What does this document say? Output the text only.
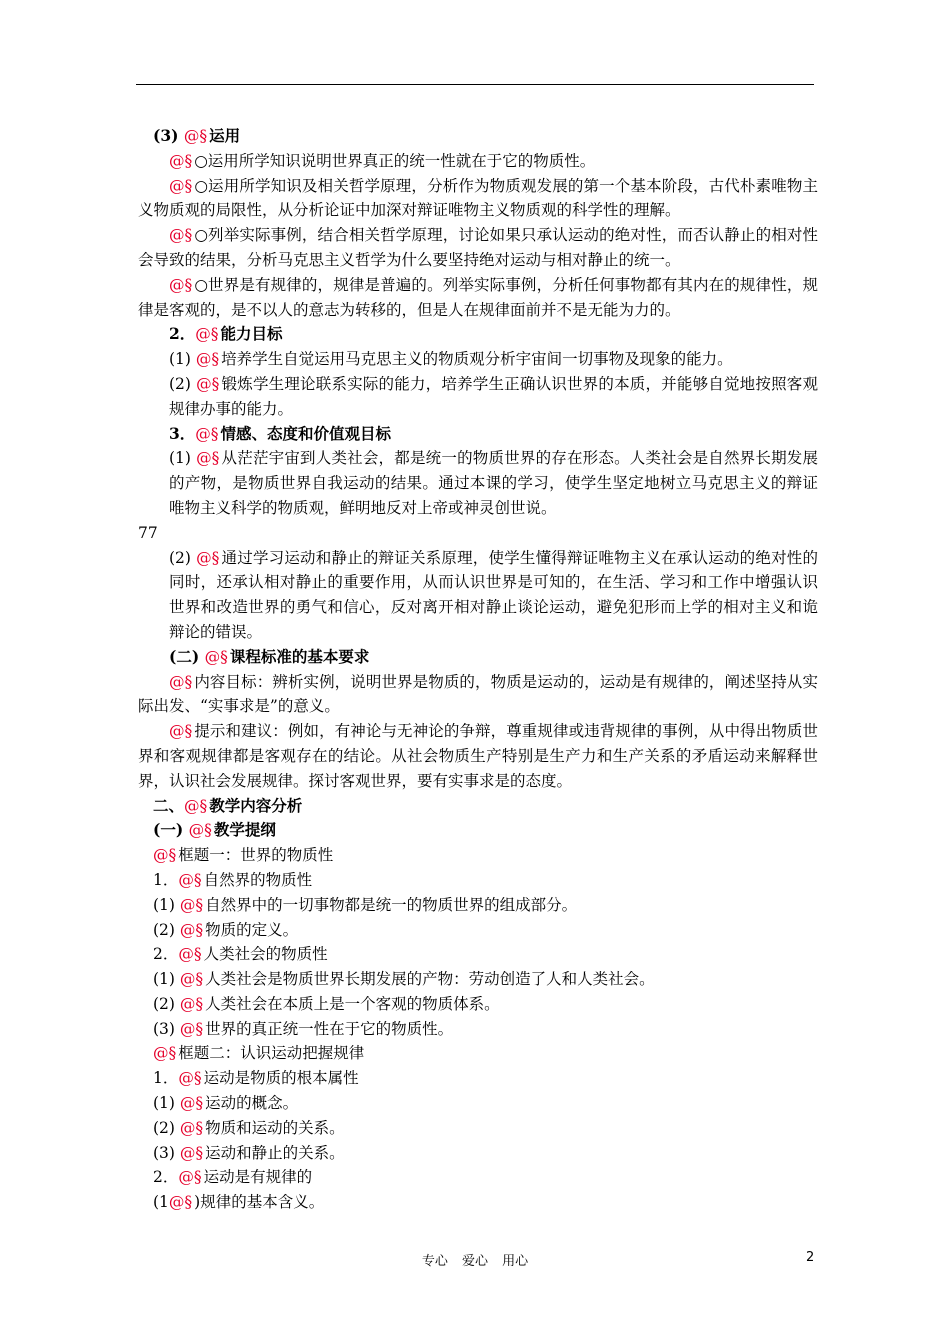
(3) @§ 运用
@§ ○运用所学知识说明世界真正的统一性就在于它的物质性。
@§ ○运用所学知识及相关哲学原理，分析作为物质观发展的第一个基本阶段，古代朴素唯物主义物质观的局限性，从分析论证中加深对辩证唯物主义物质观的科学性的理解。
@§ ○列举实际事例，结合相关哲学原理，讨论如果只承认运动的绝对性，而否认静止的相对性会导致的结果，分析马克思主义哲学为什么要坚持绝对运动与相对静止的统一。
@§ ○世界是有规律的，规律是普遍的。列举实际事例，分析任何事物都有其内在的规律性，规律是客观的，是不以人的意志为转移的，但是人在规律面前并不是无能为力的。
2．@§ 能力目标
(1) @§ 培养学生自觉运用马克思主义的物质观分析宇宙间一切事物及现象的能力。
(2) @§ 锻炼学生理论联系实际的能力，培养学生正确认识世界的本质，并能够自觉地按照客观规律办事的能力。
3．@§ 情感、态度和价值观目标
(1) @§ 从茫茫宇宙到人类社会，都是统一的物质世界的存在形态。人类社会是自然界长期发展的产物，是物质世界自我运动的结果。通过本课的学习，使学生坚定地树立马克思主义的辩证唯物主义科学的物质观，鲜明地反对上帝或神灵创世说。
77
(2) @§ 通过学习运动和静止的辩证关系原理，使学生懂得辩证唯物主义在承认运动的绝对性的同时，还承认相对静止的重要作用，从而认识世界是可知的，在生活、学习和工作中增强认识世界和改造世界的勇气和信心，反对离开相对静止谈论运动，避免犯形而上学的相对主义和诡辩论的错误。
(二) @§ 课程标准的基本要求
@§ 内容目标：辨析实例，说明世界是物质的，物质是运动的，运动是有规律的，阐述坚持从实际出发、“实事求是”的意义。
@§ 提示和建议：例如，有神论与无神论的争辩，尊重规律或违背规律的事例，从中得出物质世界和客观规律都是客观存在的结论。从社会物质生产特别是生产力和生产关系的矛盾运动来解释世界，认识社会发展规律。探讨客观世界，要有实事求是的态度。
二、@§ 教学内容分析
(一) @§ 教学提纲
@§ 框题一：世界的物质性
1．@§ 自然界的物质性
(1) @§ 自然界中的一切事物都是统一的物质世界的组成部分。
(2) @§ 物质的定义。
2．@§ 人类社会的物质性
(1) @§ 人类社会是物质世界长期发展的产物：劳动创造了人和人类社会。
(2) @§ 人类社会在本质上是一个客观的物质体系。
(3) @§ 世界的真正统一性在于它的物质性。
@§ 框题二：认识运动把握规律
1．@§ 运动是物质的根本属性
(1) @§ 运动的概念。
(2) @§ 物质和运动的关系。
(3) @§ 运动和静止的关系。
2．@§ 运动是有规律的
(1@§ )规律的基本含义。
专心 爱心 用心	2
